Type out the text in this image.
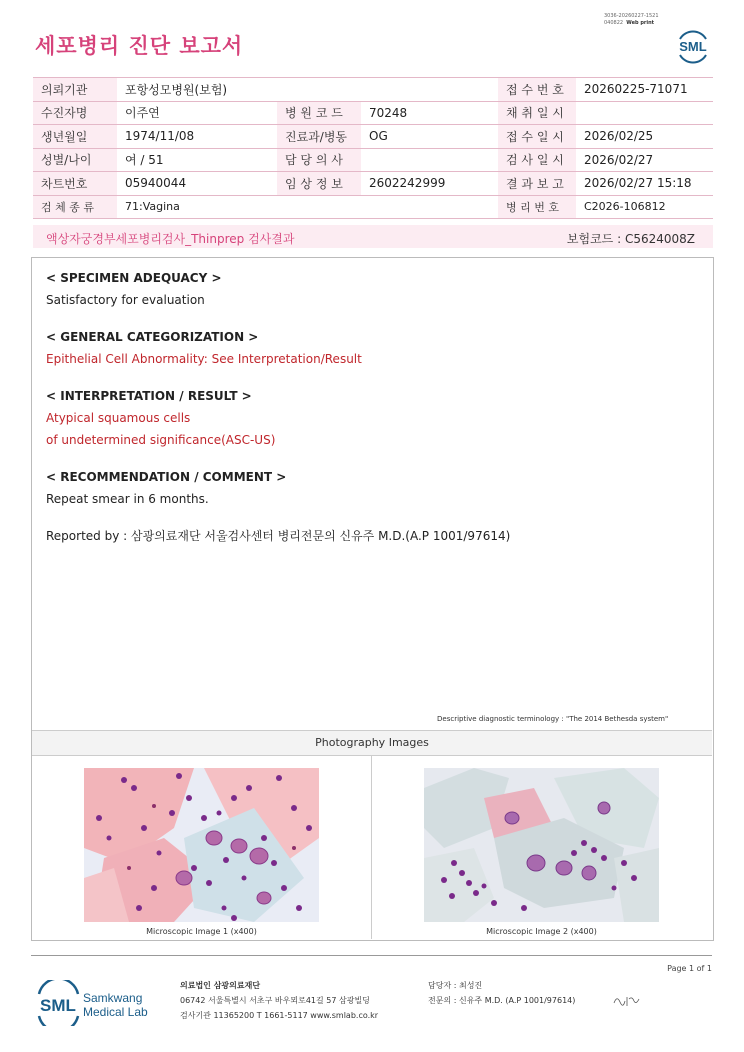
세포병리 진단 보고서
3036-20260227-1521
040822 Web print
SML
의뢰기관	포항성모병원(보험)			접 수 번 호	20260225-71071
수진자명	이주연	병 원 코 드	70248	채 취 일 시	
생년월일	1974/11/08	진료과/병동	OG	접 수 일 시	2026/02/25
성별/나이	여 / 51	담 당 의 사		검 사 일 시	2026/02/27
차트번호	05940044	임 상 정 보	2602242999	결 과 보 고	2026/02/27 15:18
검 체 종 류	71:Vagina			병 리 번 호	C2026-106812
액상자궁경부세포병리검사_Thinprep 검사결과	보험코드 : C5624008Z
< SPECIMEN ADEQUACY >
Satisfactory for evaluation
< GENERAL CATEGORIZATION >
Epithelial Cell Abnormality: See Interpretation/Result
< INTERPRETATION / RESULT >
Atypical squamous cells
of undetermined significance(ASC-US)
< RECOMMENDATION / COMMENT >
Repeat smear in 6 months.
Reported by : 삼광의료재단 서울검사센터 병리전문의 신유주 M.D.(A.P 1001/97614)
Descriptive diagnostic terminology : "The 2014 Bethesda system"
Photography Images
Microscopic Image 1 (x400)	Microscopic Image 2 (x400)
Page 1 of 1
SML Samkwang
Medical Lab
의료법인 삼광의료재단
06742 서울특별시 서초구 바우뫼로41길 57 삼광빌딩
검사기관 11365200 T 1661-5117 www.smlab.co.kr
담당자 : 최성진
전문의 : 신유주 M.D. (A.P 1001/97614)
